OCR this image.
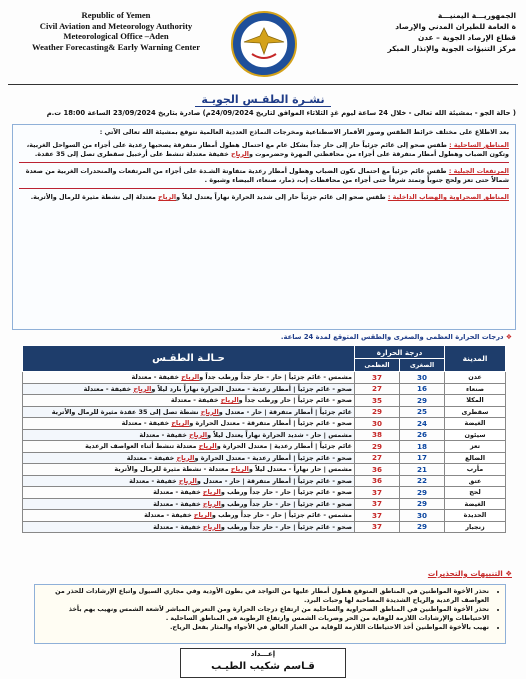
Republic of Yemen
Civil Aviation and Meteorology Authority
Meteorological Office –Aden
Weather Forecasting& Early Warning Center
الجمهوريـــة اليمنيـــة
ة العامة للطيران المدني والإرصاد
قطاع الإرصاد الجوية – عدن
مركز التنبؤات الجوية والإنذار المبكر
نشـرة الطقـس الجويـة
( حالة الجو - بمشيئة الله تعالى - خلال 24 ساعة ليوم غدٍ الثلاثاء الموافق لتاريخ 24/09/2024م) صادرة بتاريخ 23/09/2024 الساعة 18:00 ت.م
بعد الاطلاع على مختلف خرائط الطقس وصور الأقمار الاصطناعية ومخرجات النماذج العددية العالمية نتوقع بمشيئة الله تعالى الآتي :
المناطق الساحلية : طقس صحو إلى غائم جزئياً حار إلى حار جداً بشكل عام مع احتمال هطول أمطار متفرقة يصحبها رعدية على أجزاء من السواحل الغربية، وتكون الضباب وهطول أمطار متفرقة على أجزاء من محافظتي المهرة وحضرموت والرياح خفيفة معتدلة تنشط على أرخبيل سقطرى تصل إلى 35 عقدة.
المرتفعات الجبلية : طقس غائم جزئياً مع احتمال تكون الضباب وهطول أمطار رعدية متفاوتة الشـدة على أجزاء من المرتفعات والمنحدرات الغربية من صعدة شمالاً حتى تعز ولحج جنوباً وتمتد شرقاً حتى أجزاء من محافظات إب، ذمار، صنعاء، البيضاء وشبوة .
المناطق الصحراوية والهضاب الداخلية : طقس صحو إلى غائم جزئياً حار إلى شديد الحرارة نهاراً يعتدل ليلاً والرياح معتدلة إلى نشطة مثيرة للرمال والأتربة.
❖ درجات الحرارة العظمى والصغرى والطقس المتوقع لمدة 24 ساعة.
المدينة	درجة الحرارة		حـالـة الطقـس
	الصغرى	العظمى	
عدن	30	37	مشمس - غائم جزئياً | حار - حار جداً ورطب جداً والرياح خفيفة - معتدلة
صنعاء	16	27	صحو - غائم جزئياً | أمطار رعدية - معتدل الحرارة نهاراً بارد ليلاً والرياح خفيفة - معتدلة
المكلا	29	35	صحو - غائم جزئياً | حار ورطب جداً والرياح خفيفة - معتدلة
سقطرى	25	29	غائم جزئياً | أمطار متفرقة | حار - معتدل والرياح نشطة تصل إلى 35 عقدة مثيرة للرمال والأتربة
الغيضة	24	30	صحو - غائم جزئياً | أمطار متفرقة - معتدل الحرارة والرياح خفيفة - معتدلة
سيئون	26	38	مشمس | حار - شديد الحرارة نهاراً يعتدل ليلاً والرياح خفيفة - معتدلة
تعز	18	29	غائم جزئياً | أمطار رعدية | معتدل الحرارة والرياح معتدلة تنشط أثناء العواصف الرعدية
الضالع	17	27	صحو - غائم جزئياً | أمطار رعدية - معتدل الحرارة والرياح خفيفة - معتدلة
مأرب	21	36	مشمس | حار نهاراً - معتدل ليلاً والرياح معتدلة - نشطة مثيرة للرمال والأتربة
عتق	22	36	صحو - غائم جزئياً | أمطار متفرقة | حار - معتدل والرياح خفيفة - معتدلة
لحج	29	37	صحو - غائم جزئياً | حار - حار جداً ورطب والرياح خفيفة - معتدلة
الغيضة	29	37	صحو - غائم جزئياً | حار - حار جداً ورطب والرياح خفيفة - معتدلة
الحديدة	30	37	مشمس - غائم جزئياً | حار - حار جداً ورطب والرياح خفيفة - معتدلة
زنجبار	29	37	صحو - غائم جزئياً | حار - حار جداً ورطب والرياح خفيفة - معتدلة
❖ التنبيهات والتحذيرات
• نحذر الأخوة المواطنين في المناطق المتوقع هطول أمطار عليها من التواجد في بطون الأودية وفي مجاري السيول واتباع الإرشادات للحذر من العواصف الرعدية والرياح الشديدة المصاحبة لها وحبات البرد.
• نحذر الأخوة المواطنين في المناطق الصحراوية والساحلية من ارتفاع درجات الحرارة ومن التعرض المباشر لأشعة الشمس ونهيب بهم بأخذ الاحتياطات والإرشادات اللازمة للوقاية من الحر وضربات الشمس وارتفاع الرطوبة في المناطق الساحلية .
• نهيب بالأخوة المواطنين أخذ الاحتياطات اللازمة للوقاية من الغبار العالق في الأجواء والمثار بفعل الرياح.
إعـــداد
قـاسم شكيب الطيـب
